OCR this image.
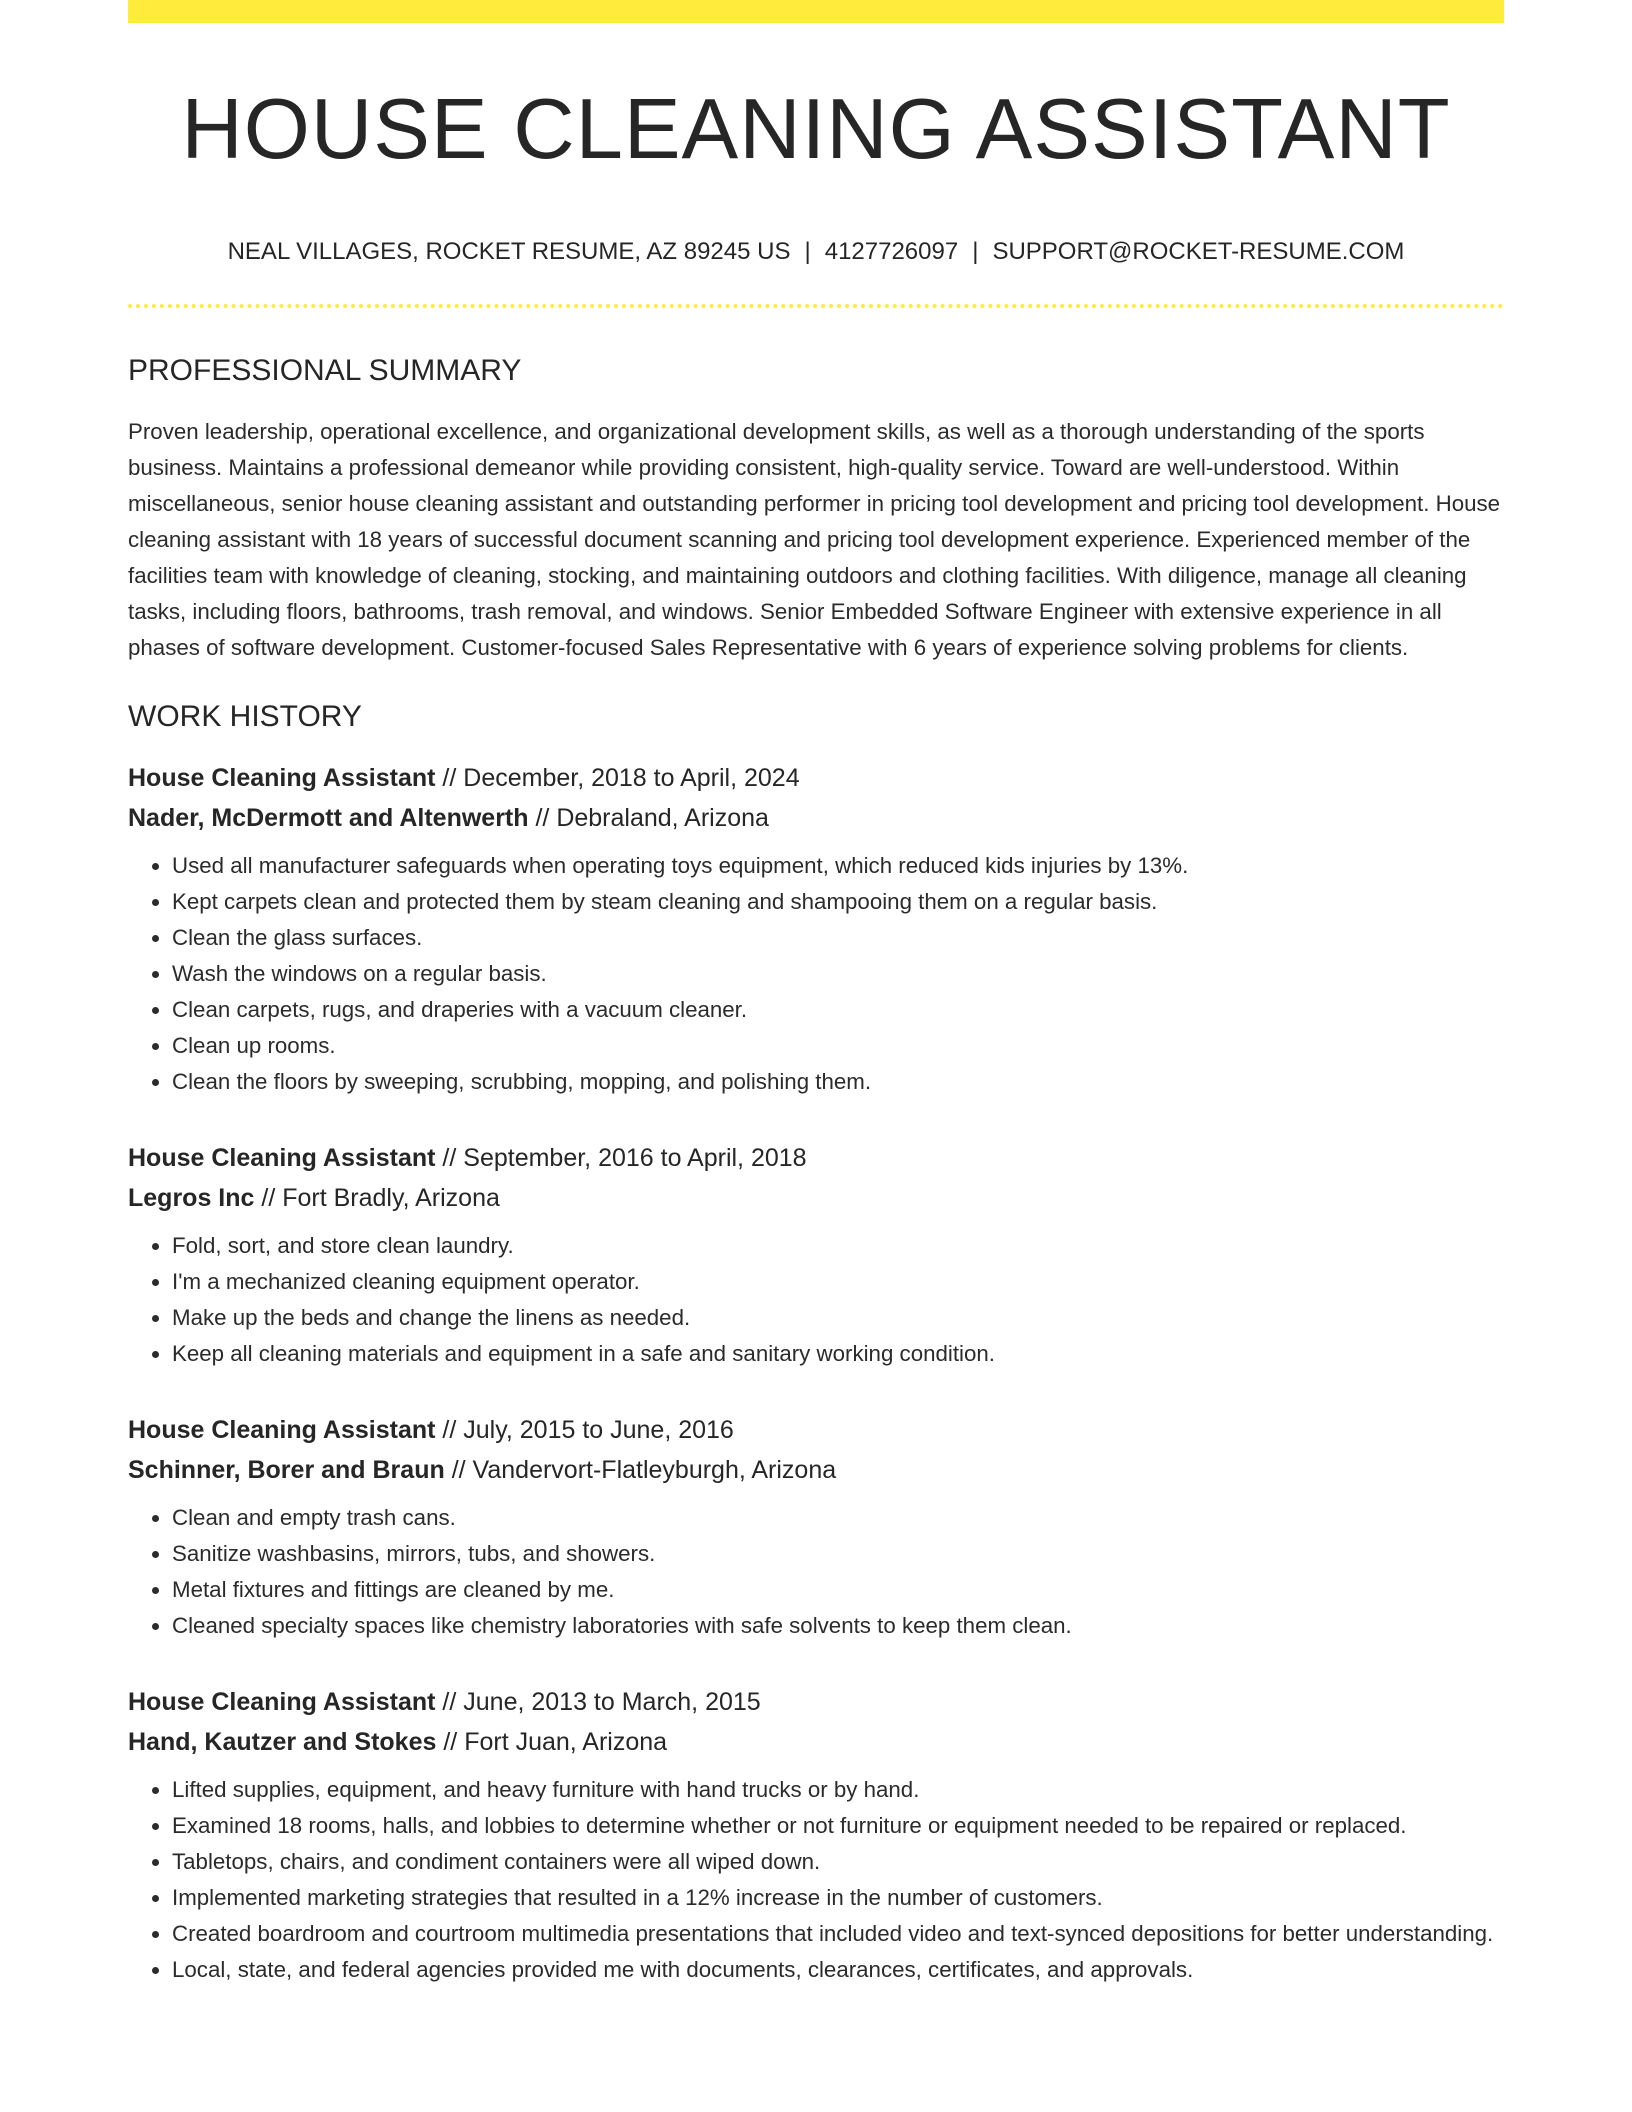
HOUSE CLEANING ASSISTANT
NEAL VILLAGES, ROCKET RESUME, AZ 89245 US | 4127726097 | SUPPORT@ROCKET-RESUME.COM
PROFESSIONAL SUMMARY
Proven leadership, operational excellence, and organizational development skills, as well as a thorough understanding of the sports business. Maintains a professional demeanor while providing consistent, high-quality service. Toward are well-understood. Within miscellaneous, senior house cleaning assistant and outstanding performer in pricing tool development and pricing tool development. House cleaning assistant with 18 years of successful document scanning and pricing tool development experience. Experienced member of the facilities team with knowledge of cleaning, stocking, and maintaining outdoors and clothing facilities. With diligence, manage all cleaning tasks, including floors, bathrooms, trash removal, and windows. Senior Embedded Software Engineer with extensive experience in all phases of software development. Customer-focused Sales Representative with 6 years of experience solving problems for clients.
WORK HISTORY
House Cleaning Assistant // December, 2018 to April, 2024
Nader, McDermott and Altenwerth // Debraland, Arizona
• Used all manufacturer safeguards when operating toys equipment, which reduced kids injuries by 13%.
• Kept carpets clean and protected them by steam cleaning and shampooing them on a regular basis.
• Clean the glass surfaces.
• Wash the windows on a regular basis.
• Clean carpets, rugs, and draperies with a vacuum cleaner.
• Clean up rooms.
• Clean the floors by sweeping, scrubbing, mopping, and polishing them.
House Cleaning Assistant // September, 2016 to April, 2018
Legros Inc // Fort Bradly, Arizona
• Fold, sort, and store clean laundry.
• I'm a mechanized cleaning equipment operator.
• Make up the beds and change the linens as needed.
• Keep all cleaning materials and equipment in a safe and sanitary working condition.
House Cleaning Assistant // July, 2015 to June, 2016
Schinner, Borer and Braun // Vandervort-Flatleyburgh, Arizona
• Clean and empty trash cans.
• Sanitize washbasins, mirrors, tubs, and showers.
• Metal fixtures and fittings are cleaned by me.
• Cleaned specialty spaces like chemistry laboratories with safe solvents to keep them clean.
House Cleaning Assistant // June, 2013 to March, 2015
Hand, Kautzer and Stokes // Fort Juan, Arizona
• Lifted supplies, equipment, and heavy furniture with hand trucks or by hand.
• Examined 18 rooms, halls, and lobbies to determine whether or not furniture or equipment needed to be repaired or replaced.
• Tabletops, chairs, and condiment containers were all wiped down.
• Implemented marketing strategies that resulted in a 12% increase in the number of customers.
• Created boardroom and courtroom multimedia presentations that included video and text-synced depositions for better understanding.
• Local, state, and federal agencies provided me with documents, clearances, certificates, and approvals.
